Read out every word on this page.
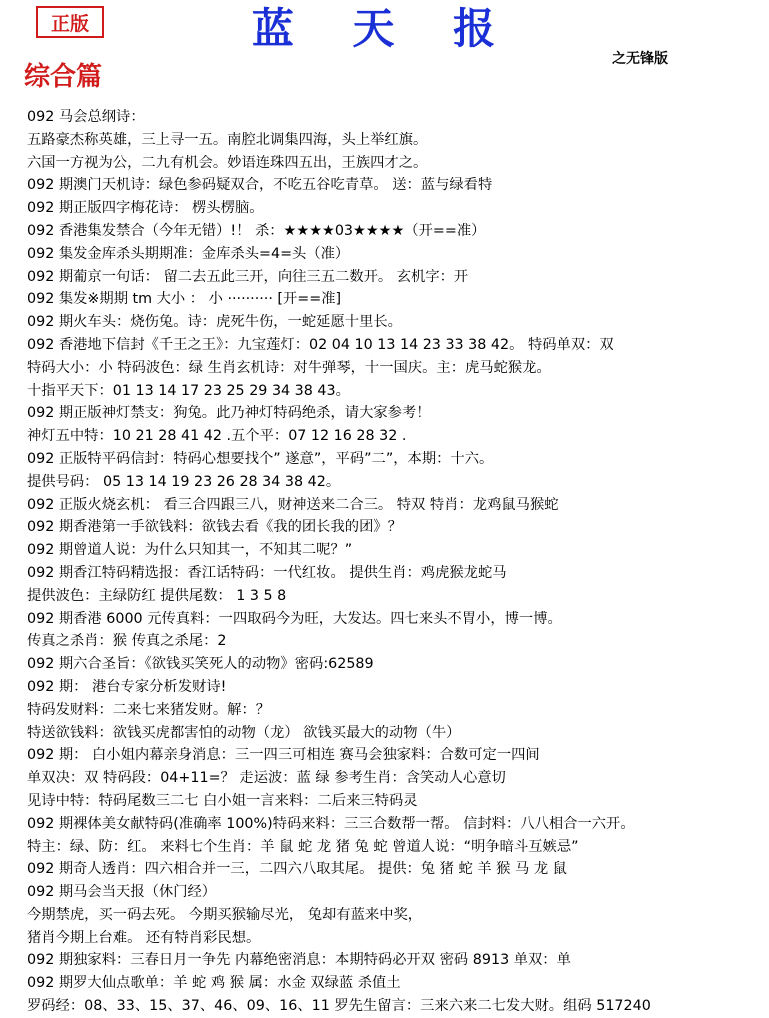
正版	蓝 天 报
之无锋版
综合篇
092 马会总纲诗：
五路豪杰称英雄，三上寻一五。南腔北调集四海，头上举红旗。
六国一方视为公，二九有机会。妙语连珠四五出，王族四才之。
092 期澳门天机诗：绿色参码疑双合，不吃五谷吃青草。 送：蓝与绿看特
092 期正版四字梅花诗： 楞头楞脑。
092 香港集发禁合（今年无错）!！ 杀：★★★★03★★★★（开==准）
092 集发金库杀头期期准：金库杀头=4=头（准）
092 期葡京一句话： 留二去五此三开，向往三五二数开。 玄机字：开
092 集发※期期 tm 大小 ： 小 ·········· [开==准]
092 期火车头：烧伤兔。诗：虎死牛伤，一蛇延愿十里长。
092 香港地下信封《千王之王》：九宝莲灯：02 04 10 13 14 23 33 38 42。 特码单双：双
特码大小：小 特码波色：绿 生肖玄机诗：对牛弹琴，十一国庆。主：虎马蛇猴龙。
十指平天下：01 13 14 17 23 25 29 34 38 43。
092 期正版神灯禁支：狗兔。此乃神灯特码绝杀，请大家参考！
神灯五中特：10 21 28 41 42 .五个平：07 12 16 28 32 .
092 正版特平码信封：特码心想要找个” 遂意”，平码”二”，本期：十六。
提供号码： 05 13 14 19 23 26 28 34 38 42。
092 正版火烧玄机： 看三合四跟三八，财神送来二合三。 特双 特肖：龙鸡鼠马猴蛇
092 期香港第一手欲钱料：欲钱去看《我的团长我的团》？
092 期曾道人说：为什么只知其一，不知其二呢？”
092 期香江特码精选报：香江话特码：一代红妆。 提供生肖：鸡虎猴龙蛇马
提供波色：主绿防红 提供尾数： 1 3 5 8
092 期香港 6000 元传真料：一四取码今为旺，大发达。四七来头不胃小，博一博。
传真之杀肖：猴 传真之杀尾：2
092 期六合圣旨：《欲钱买笑死人的动物》密码:62589
092 期： 港台专家分析发财诗!
特码发财料：二来七来猪发财。解：？
特送欲钱料：欲钱买虎都害怕的动物（龙） 欲钱买最大的动物（牛）
092 期： 白小姐内幕亲身消息：三一四三可相连 赛马会独家料：合数可定一四间
单双决：双 特码段：04+11=？ 走运波：蓝 绿 参考生肖：含笑动人心意切
见诗中特：特码尾数三二七 白小姐一言来料：二后来三特码灵
092 期裸体美女献特码(准确率 100%)特码来料：三三合数帮一帮。 信封料：八八相合一六开。
特主：绿、防：红。 来料七个生肖：羊 鼠 蛇 龙 猪 兔 蛇 曾道人说：“明争暗斗互嫉忌”
092 期奇人透肖：四六相合并一三，二四六八取其尾。 提供：兔 猪 蛇 羊 猴 马 龙 鼠
092 期马会当天报（休门经）
今期禁虎，买一码去死。 今期买猴输尽光， 兔却有蓝来中奖，
猪肖今期上台难。 还有特肖彩民想。
092 期独家料：三春日月一争先 内幕绝密消息：本期特码必开双 密码 8913 单双：单
092 期罗大仙点歌单：羊 蛇 鸡 猴 属：水金 双绿蓝 杀值土
罗码经：08、33、15、37、46、09、16、11 罗先生留言：三来六来二七发大财。组码 517240
